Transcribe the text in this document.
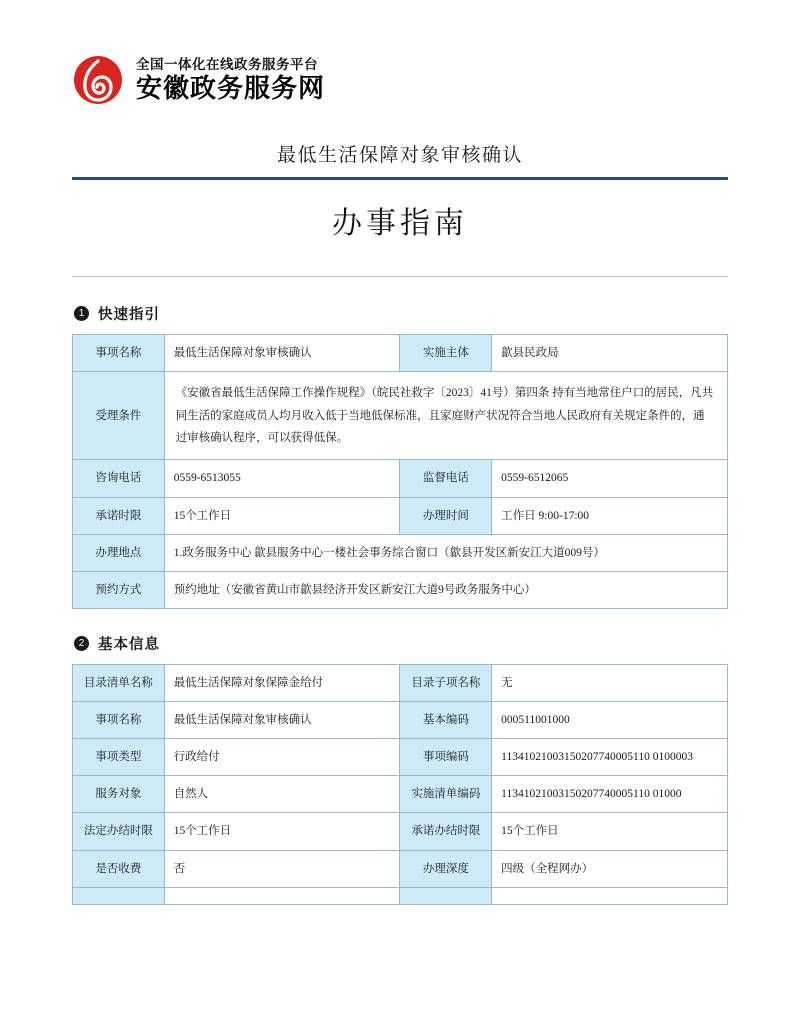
全国一体化在线政务服务平台
安徽政务服务网
最低生活保障对象审核确认
办事指南
1 快速指引
事项名称	最低生活保障对象审核确认	实施主体	歙县民政局
受理条件	《安徽省最低生活保障工作操作规程》（皖民社救字〔2023〕41号）第四条 持有当地常住户口的居民，凡共同生活的家庭成员人均月收入低于当地低保标准，且家庭财产状况符合当地人民政府有关规定条件的，通过审核确认程序，可以获得低保。		
咨询电话	0559-6513055	监督电话	0559-6512065
承诺时限	15个工作日	办理时间	工作日 9:00-17:00
办理地点	1.政务服务中心 歙县服务中心一楼社会事务综合窗口（歙县开发区新安江大道009号）		
预约方式	预约地址（安徽省黄山市歙县经济开发区新安江大道9号政务服务中心）		
2 基本信息
目录清单名称	最低生活保障对象保障金给付	目录子项名称	无
事项名称	最低生活保障对象审核确认	基本编码	000511001000
事项类型	行政给付	事项编码	11341021003150207740005110 0100003
服务对象	自然人	实施清单编码	11341021003150207740005110 01000
法定办结时限	15个工作日	承诺办结时限	15个工作日
是否收费	否	办理深度	四级（全程网办）
